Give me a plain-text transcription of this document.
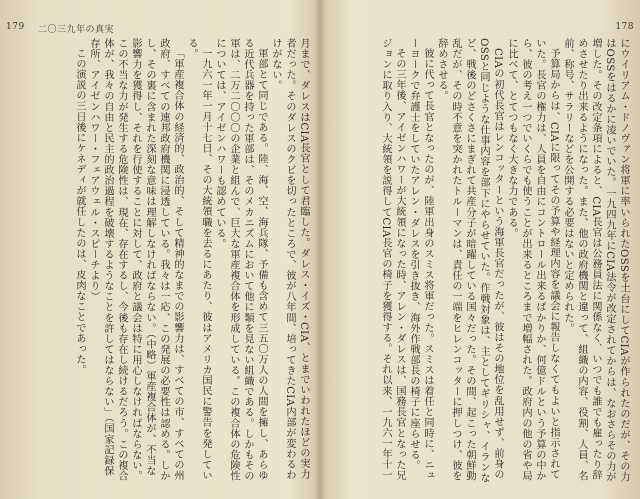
179 二〇三九年の真実

月まで、ダレスはCIA長官として君臨した。ダレス・イズ・CIA、とまでいわれたほどの実力者だった。そのダレスのクビを切ったところで、彼が八年間、培ってきたCIA内部が変わるわけがない。

軍部とて同じである。陸、海、空、海兵隊、予備も含めて三五〇万人の人間を擁し、あらゆる近代兵器を持った軍部は、そのメカニズムにおいて他に類を見ない組織である。しかもその軍は、二万二〇〇〇の企業と組んで、巨大な軍産複合体を形成している。この複合体の危険性については、アイゼンハワーも認めている。

一九六一年一月十七日、その大統領職を去るにあたり、彼はアメリカ国民に警告を発している。

「軍産複合体の経済的、政治的、そして精神的なまでの影響力は、すべての市、すべての州政府、すべての連邦政府機関に浸透している。我々は一応、この発展の必要性は認める。しかし、その裏に含まれた深刻な意味は理解しなければならない。（中略）軍産複合体が、不当な影響力を獲得し、それを行使することに対して、政府と議会は特に用心しなければならない。この不当な力が発生する危険性は、現在、存在するし、今後も存在し続けるだろう。この複合体が、我々の自由と民主的政治過程を破壊するようなことを許してはならない」（国家記録保存所、アイゼンハワー・フェアウェル・スピーチより）

この演説の三日後にケネディが就任したのは、皮肉なことであった。

178

にウイリアム・ドノヴァン将軍に率いられたOSSを土台にしてCIAが作られたのだが、その力はOSSをはるかに凌いでいた。一九四九年にCIA法令が改定されてからは、なおさらその力が増した。その改定条項によると、CIA長官は公務員法に関係なく、いつでも誰でも雇ったり辞めさせたり出来るようになった。また、他の政府機関と違って、組織の内容、役割、人員、名前、称号、サラリーなどを公開する必要はないと定められた。

予算局からは、CIAに限ってその予算や経理内容を議会に報告しなくてもよいと指示されていた。長官の権力は、人員を自由にコントロール出来るばかりか、何億ドルという予算の中から、彼の考え一つでいくらでも使うことが出来るところまで増幅された。政府内の他の省や局に比べて、とてつもなく大きな力である。

CIAの初代長官はレンコッターという海軍長官だったが、彼はその地位を乱用せず、前身のOSSと同じような仕事内容を部下にやらせていた。作戦対象は、主としてギリシャ、イランなど、戦後のどさくさにまぎれて共産分子が暗躍している国々だった。その間、起こった朝鮮動乱だが、その時不意を突かれたトルーマンは、責任の一端をヒレンコッターに押しつけ、彼を辞めさせる。

彼に代って長官となったのが、陸軍出身のスミス将軍だった。スミスは着任と同時に、ニューヨークで弁護士をしていたアレン・ダレスを引き抜き、海外作戦部長の椅子に座らせる。

その三年後、アイゼンハワーが大統領になった時、アレン・ダレスは、国務長官となった兄ジョンに取り入り、大統領を説得してCIA長官の椅子を獲得する。それ以来、一九六一年十一
